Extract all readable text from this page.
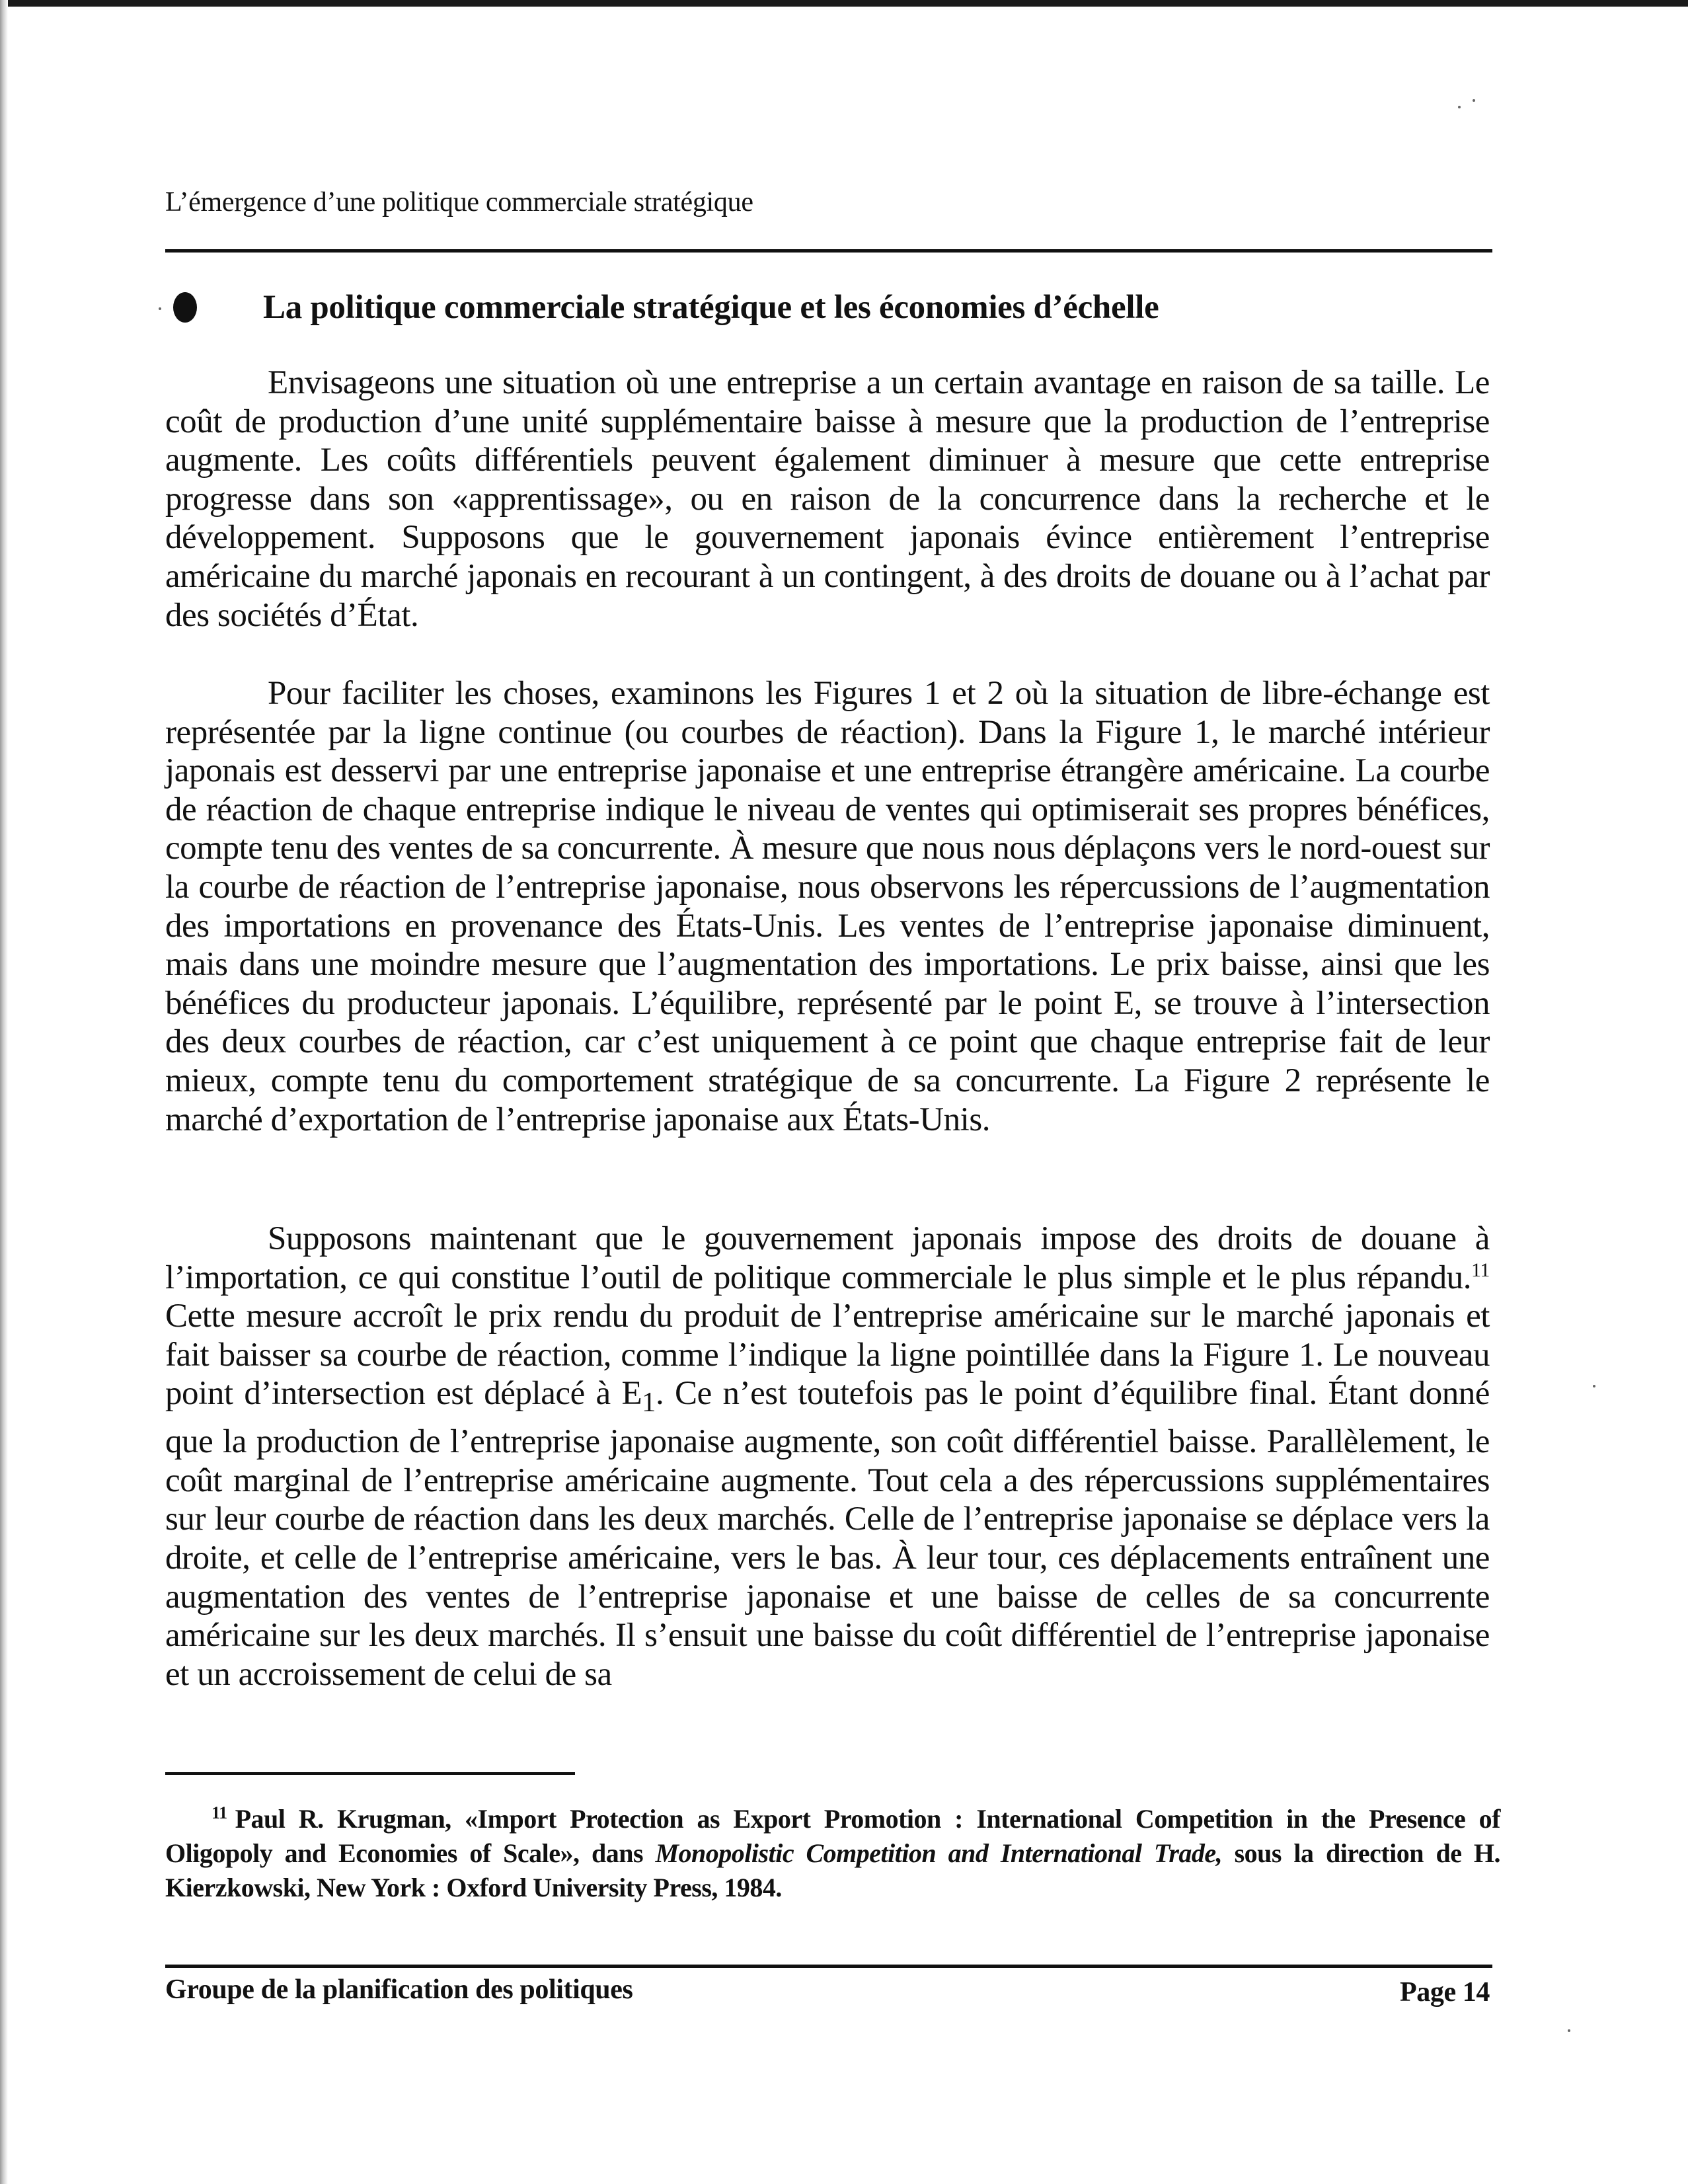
L’émergence d’une politique commerciale stratégique
La politique commerciale stratégique et les économies d’échelle

Envisageons une situation où une entreprise a un certain avantage en raison de sa taille. Le coût de production d’une unité supplémentaire baisse à mesure que la production de l’entreprise augmente. Les coûts différentiels peuvent également diminuer à mesure que cette entreprise progresse dans son «apprentissage», ou en raison de la concurrence dans la recherche et le développement. Supposons que le gouvernement japonais évince entièrement l’entreprise américaine du marché japonais en recourant à un contingent, à des droits de douane ou à l’achat par des sociétés d’État.

Pour faciliter les choses, examinons les Figures 1 et 2 où la situation de libre-échange est représentée par la ligne continue (ou courbes de réaction). Dans la Figure 1, le marché intérieur japonais est desservi par une entreprise japonaise et une entreprise étrangère américaine. La courbe de réaction de chaque entreprise indique le niveau de ventes qui optimiserait ses propres bénéfices, compte tenu des ventes de sa concurrente. À mesure que nous nous déplaçons vers le nord-ouest sur la courbe de réaction de l’entreprise japonaise, nous observons les répercussions de l’augmentation des importations en provenance des États-Unis. Les ventes de l’entreprise japonaise diminuent, mais dans une moindre mesure que l’augmentation des importations. Le prix baisse, ainsi que les bénéfices du producteur japonais. L’équilibre, représenté par le point E, se trouve à l’intersection des deux courbes de réaction, car c’est uniquement à ce point que chaque entreprise fait de leur mieux, compte tenu du comportement stratégique de sa concurrente. La Figure 2 représente le marché d’exportation de l’entreprise japonaise aux États-Unis.

Supposons maintenant que le gouvernement japonais impose des droits de douane à l’importation, ce qui constitue l’outil de politique commerciale le plus simple et le plus répandu.$^{11}$ Cette mesure accroît le prix rendu du produit de l’entreprise américaine sur le marché japonais et fait baisser sa courbe de réaction, comme l’indique la ligne pointillée dans la Figure 1. Le nouveau point d’intersection est déplacé à $E_1$. Ce n’est toutefois pas le point d’équilibre final. Étant donné que la production de l’entreprise japonaise augmente, son coût différentiel baisse. Parallèlement, le coût marginal de l’entreprise américaine augmente. Tout cela a des répercussions supplémentaires sur leur courbe de réaction dans les deux marchés. Celle de l’entreprise japonaise se déplace vers la droite, et celle de l’entreprise américaine, vers le bas. À leur tour, ces déplacements entraînent une augmentation des ventes de l’entreprise japonaise et une baisse de celles de sa concurrente américaine sur les deux marchés. Il s’ensuit une baisse du coût différentiel de l’entreprise japonaise et un accroissement de celui de sa

$^{11}$ Paul R. Krugman, «Import Protection as Export Promotion : International Competition in the Presence of Oligopoly and Economies of Scale», dans Monopolistic Competition and International Trade, sous la direction de H. Kierzkowski, New York : Oxford University Press, 1984.
Groupe de la planification des politiques	Page 14
